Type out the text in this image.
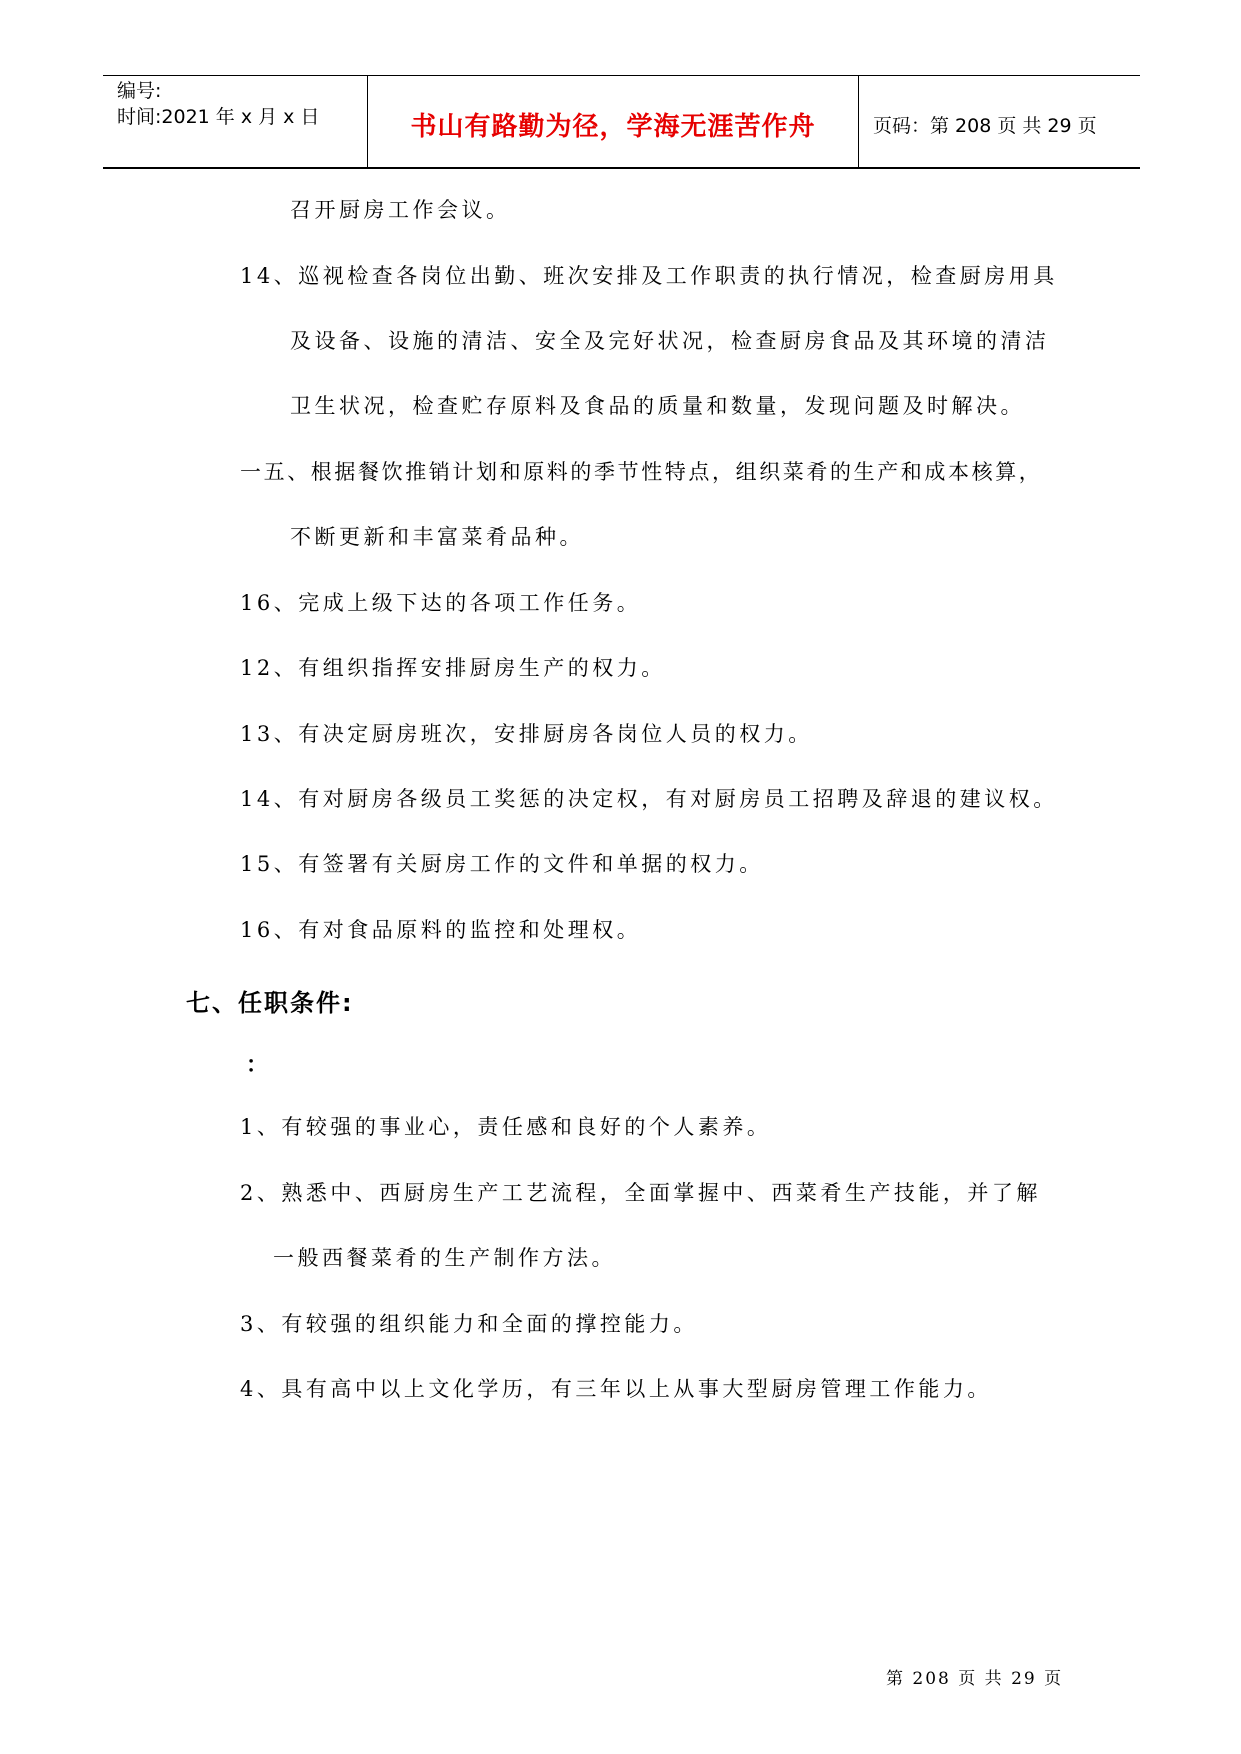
编号:
时间:2021 年 x 月 x 日	书山有路勤为径，学海无涯苦作舟	页码：第 208 页 共 29 页
召开厨房工作会议。
14、巡视检查各岗位出勤、班次安排及工作职责的执行情况，检查厨房用具
及设备、设施的清洁、安全及完好状况，检查厨房食品及其环境的清洁
卫生状况，检查贮存原料及食品的质量和数量，发现问题及时解决。
一五、根据餐饮推销计划和原料的季节性特点，组织菜肴的生产和成本核算，
不断更新和丰富菜肴品种。
16、完成上级下达的各项工作任务。
12、有组织指挥安排厨房生产的权力。
13、有决定厨房班次，安排厨房各岗位人员的权力。
14、有对厨房各级员工奖惩的决定权，有对厨房员工招聘及辞退的建议权。
15、有签署有关厨房工作的文件和单据的权力。
16、有对食品原料的监控和处理权。
七、任职条件:
：
1、有较强的事业心，责任感和良好的个人素养。
2、熟悉中、西厨房生产工艺流程，全面掌握中、西菜肴生产技能，并了解
一般西餐菜肴的生产制作方法。
3、有较强的组织能力和全面的撑控能力。
4、具有高中以上文化学历，有三年以上从事大型厨房管理工作能力。
第 208 页 共 29 页
